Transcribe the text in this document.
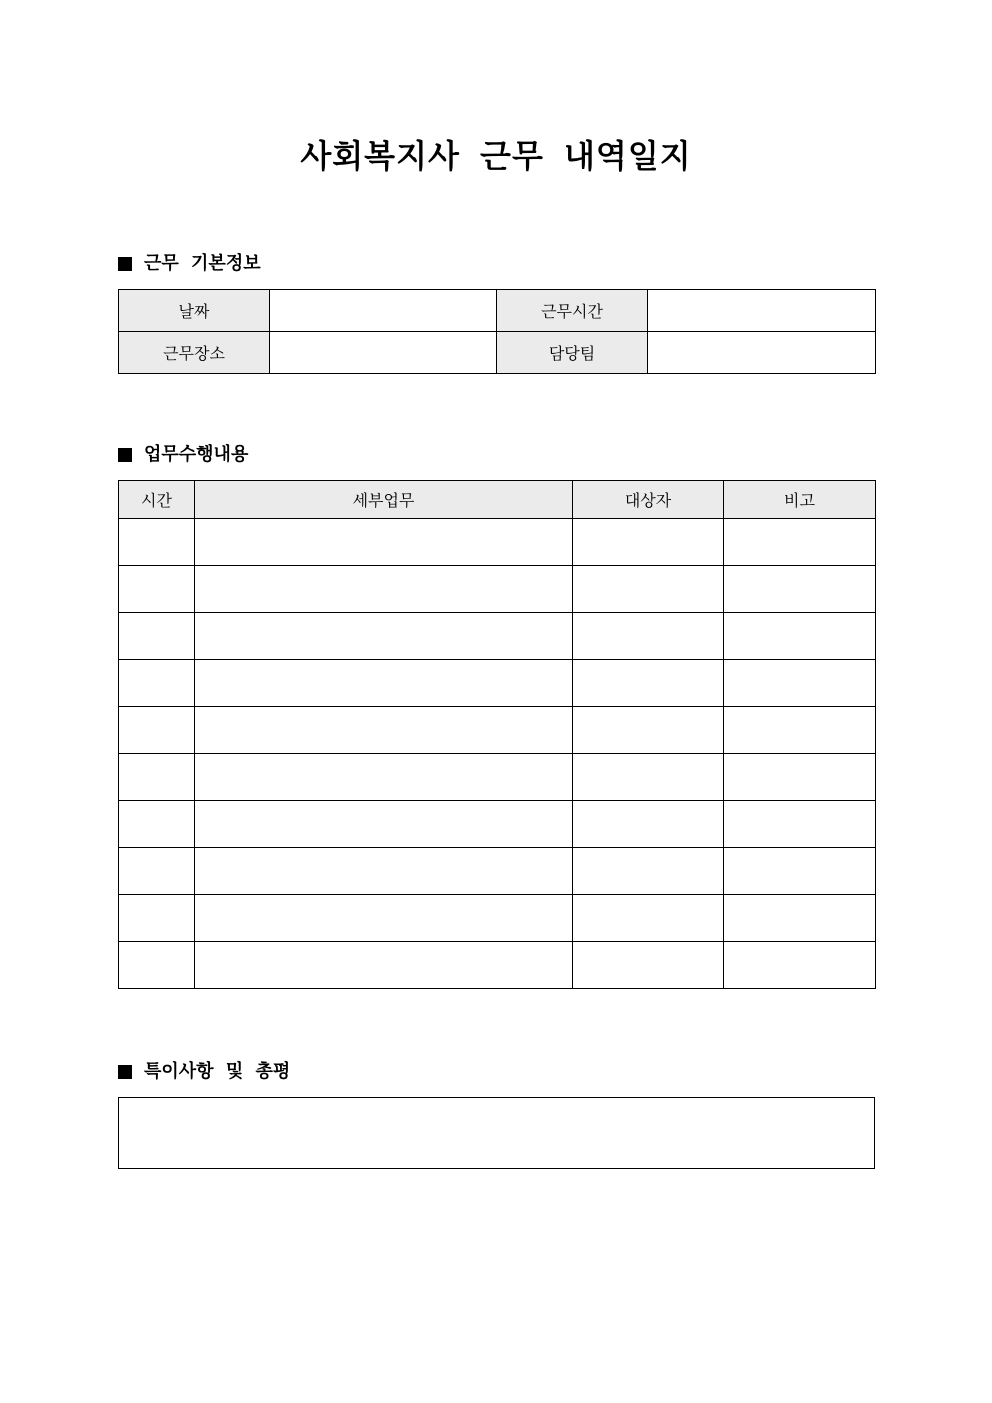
사회복지사 근무 내역일지
근무 기본정보
날짜		근무시간	
근무장소		담당팀	
업무수행내용
시간	세부업무	대상자	비고

특이사항 및 총평
